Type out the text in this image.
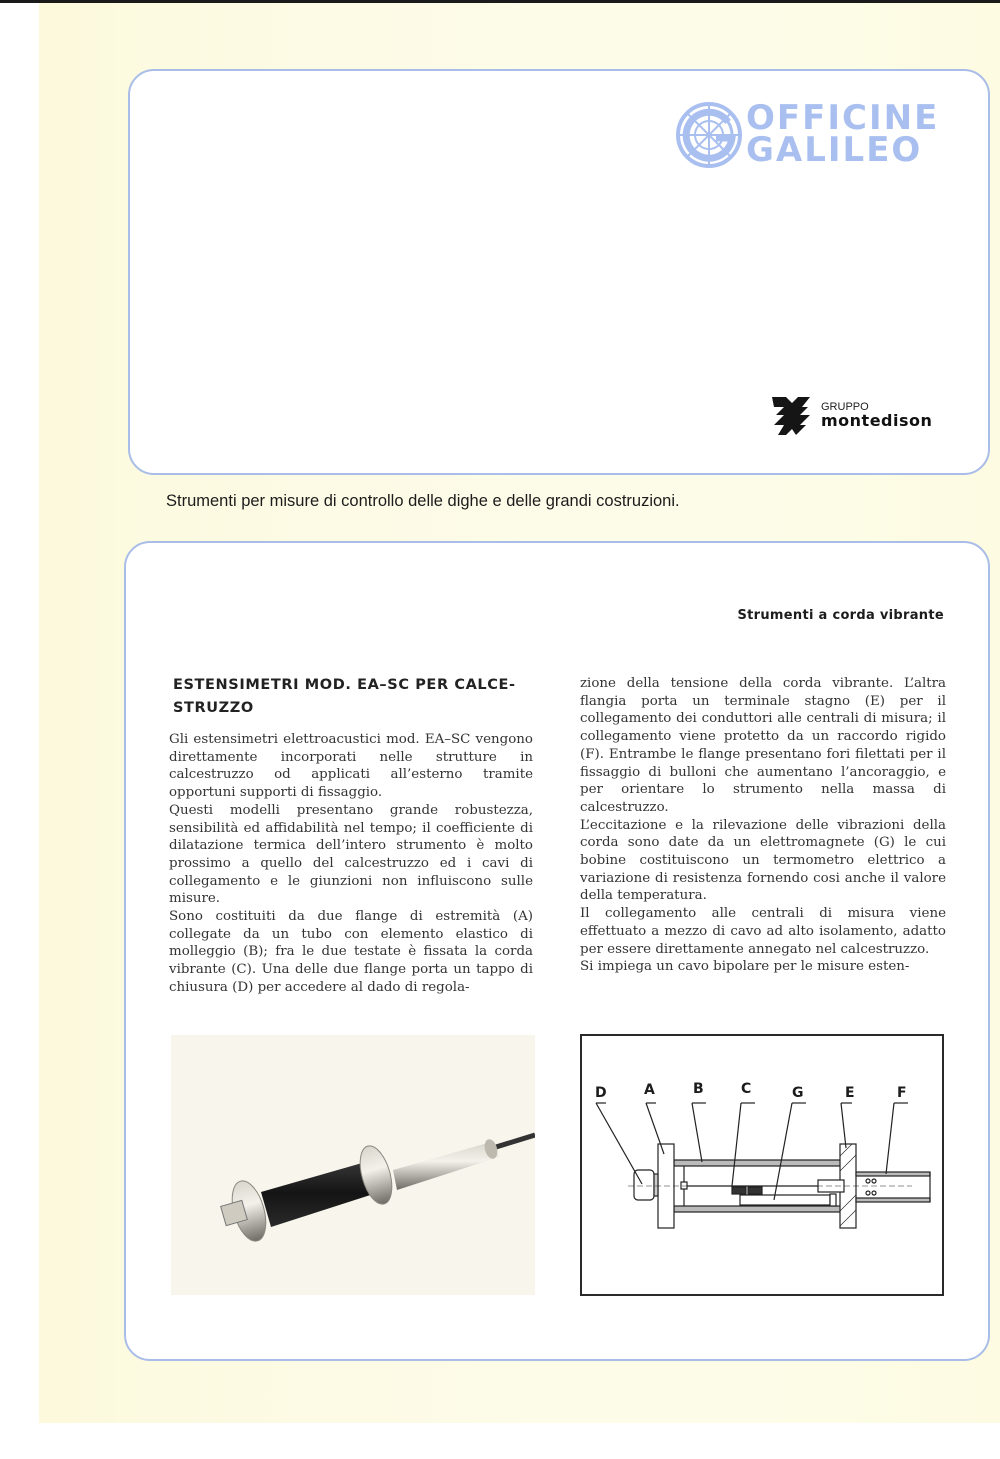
OFFICINE
GALILEO
GRUPPO
montedison
Strumenti per misure di controllo delle dighe e delle grandi costruzioni.
Strumenti a corda vibrante
ESTENSIMETRI MOD. EA–SC PER CALCE-STRUZZO

Gli estensimetri elettroacustici mod. EA–SC vengono direttamente incorporati nelle strutture in calcestruzzo od applicati all’esterno tramite opportuni supporti di fissaggio.

Questi modelli presentano grande robustezza, sensibilità ed affidabilità nel tempo; il coefficiente di dilatazione termica dell’intero strumento è molto prossimo a quello del calcestruzzo ed i cavi di collegamento e le giunzioni non influiscono sulle misure.

Sono costituiti da due flange di estremità (A) collegate da un tubo con elemento elastico di molleggio (B); fra le due testate è fissata la corda vibrante (C). Una delle due flange porta un tappo di chiusura (D) per accedere al dado di regola-

zione della tensione della corda vibrante. L’altra flangia porta un terminale stagno (E) per il collegamento dei conduttori alle centrali di misura; il collegamento viene protetto da un raccordo rigido (F). Entrambe le flange presentano fori filettati per il fissaggio di bulloni che aumentano l’ancoraggio, e per orientare lo strumento nella massa di calcestruzzo.

L’eccitazione e la rilevazione delle vibrazioni della corda sono date da un elettromagnete (G) le cui bobine costituiscono un termometro elettrico a variazione di resistenza fornendo cosi anche il valore della temperatura.

Il collegamento alle centrali di misura viene effettuato a mezzo di cavo ad alto isolamento, adatto per essere direttamente annegato nel calcestruzzo.

Si impiega un cavo bipolare per le misure esten-

D	A	B	C	G	E	F
